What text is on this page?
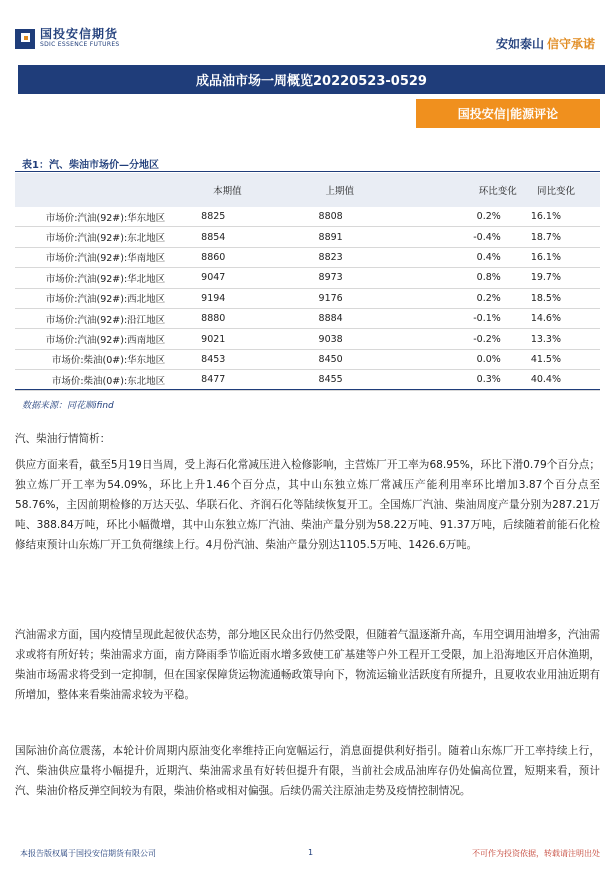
国投安信期货
SDIC ESSENCE FUTURES	安如泰山 信守承诺
成品油市场一周概览20220523-0529
国投安信|能源评论
表1：汽、柴油市场价—分地区
	本期值	上期值	环比变化	同比变化
市场价:汽油(92#):华东地区	8825	8808	0.2%	16.1%
市场价:汽油(92#):东北地区	8854	8891	-0.4%	18.7%
市场价:汽油(92#):华南地区	8860	8823	0.4%	16.1%
市场价:汽油(92#):华北地区	9047	8973	0.8%	19.7%
市场价:汽油(92#):西北地区	9194	9176	0.2%	18.5%
市场价:汽油(92#):沿江地区	8880	8884	-0.1%	14.6%
市场价:汽油(92#):西南地区	9021	9038	-0.2%	13.3%
市场价:柴油(0#):华东地区	8453	8450	0.0%	41.5%
市场价:柴油(0#):东北地区	8477	8455	0.3%	40.4%
数据来源：同花顺ifind
汽、柴油行情简析：
供应方面来看，截至5月19日当周，受上海石化常减压进入检修影响，主营炼厂开工率为68.95%，环比下滑0.79个百分点；独立炼厂开工率为54.09%，环比上升1.46个百分点，其中山东独立炼厂常减压产能利用率环比增加3.87个百分点至58.76%，主因前期检修的万达天弘、华联石化、齐润石化等陆续恢复开工。全国炼厂汽油、柴油周度产量分别为287.21万吨、388.84万吨，环比小幅微增，其中山东独立炼厂汽油、柴油产量分别为58.22万吨、91.37万吨，后续随着前能石化检修结束预计山东炼厂开工负荷继续上行。4月份汽油、柴油产量分别达1105.5万吨、1426.6万吨。
汽油需求方面，国内疫情呈现此起彼伏态势，部分地区民众出行仍然受限，但随着气温逐渐升高，车用空调用油增多，汽油需求或将有所好转；柴油需求方面，南方降雨季节临近雨水增多致使工矿基建等户外工程开工受限，加上沿海地区开启休渔期，柴油市场需求将受到一定抑制，但在国家保障货运物流通畅政策导向下，物流运输业活跃度有所提升，且夏收农业用油近期有所增加，整体来看柴油需求较为平稳。
国际油价高位震荡，本轮计价周期内原油变化率维持正向宽幅运行，消息面提供利好指引。随着山东炼厂开工率持续上行，汽、柴油供应量将小幅提升，近期汽、柴油需求虽有好转但提升有限，当前社会成品油库存仍处偏高位置，短期来看，预计汽、柴油价格反弹空间较为有限，柴油价格或相对偏强。后续仍需关注原油走势及疫情控制情况。
本报告版权属于国投安信期货有限公司	1	不可作为投资依据，转载请注明出处
